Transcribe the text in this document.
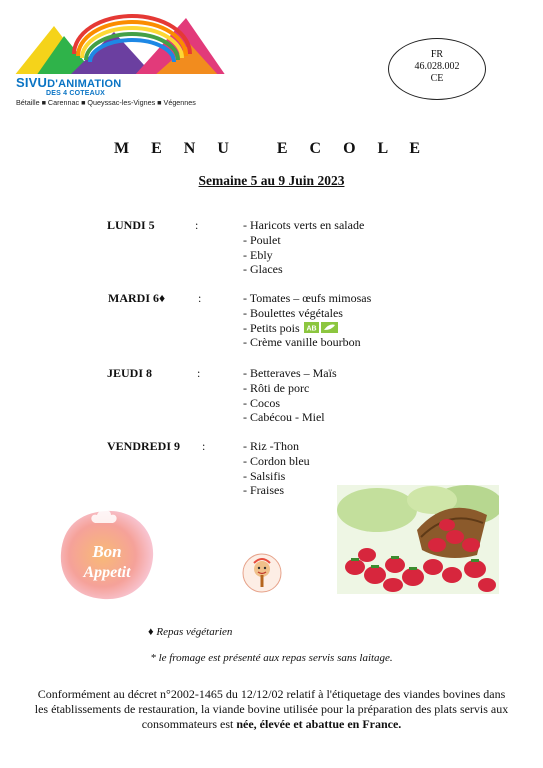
SIVUD'ANIMATION
DES 4 COTEAUX
Bétaille ■ Carennac ■ Queyssac-les-Vignes ■ Végennes
FR
46.028.002
CE
M E N U   E C O L E
Semaine 5 au 9 Juin 2023
LUNDI 5	:	- Haricots verts en salade
- Poulet
- Ebly
- Glaces
MARDI 6♦	:	- Tomates – œufs mimosas
- Boulettes végétales
- Petits pois AB
- Crème vanille bourbon
JEUDI 8	:	- Betteraves – Maïs
- Rôti de porc
- Cocos
- Cabécou - Miel
VENDREDI 9 :	- Riz -Thon
- Cordon bleu
- Salsifis
- Fraises
Bon
Appetit
♦ Repas végétarien
* le fromage est présenté aux repas servis sans laitage.
Conformément au décret n°2002-1465 du 12/12/02 relatif à l'étiquetage des viandes bovines dans les établissements de restauration, la viande bovine utilisée pour la préparation des plats servis aux consommateurs est née, élevée et abattue en France.
